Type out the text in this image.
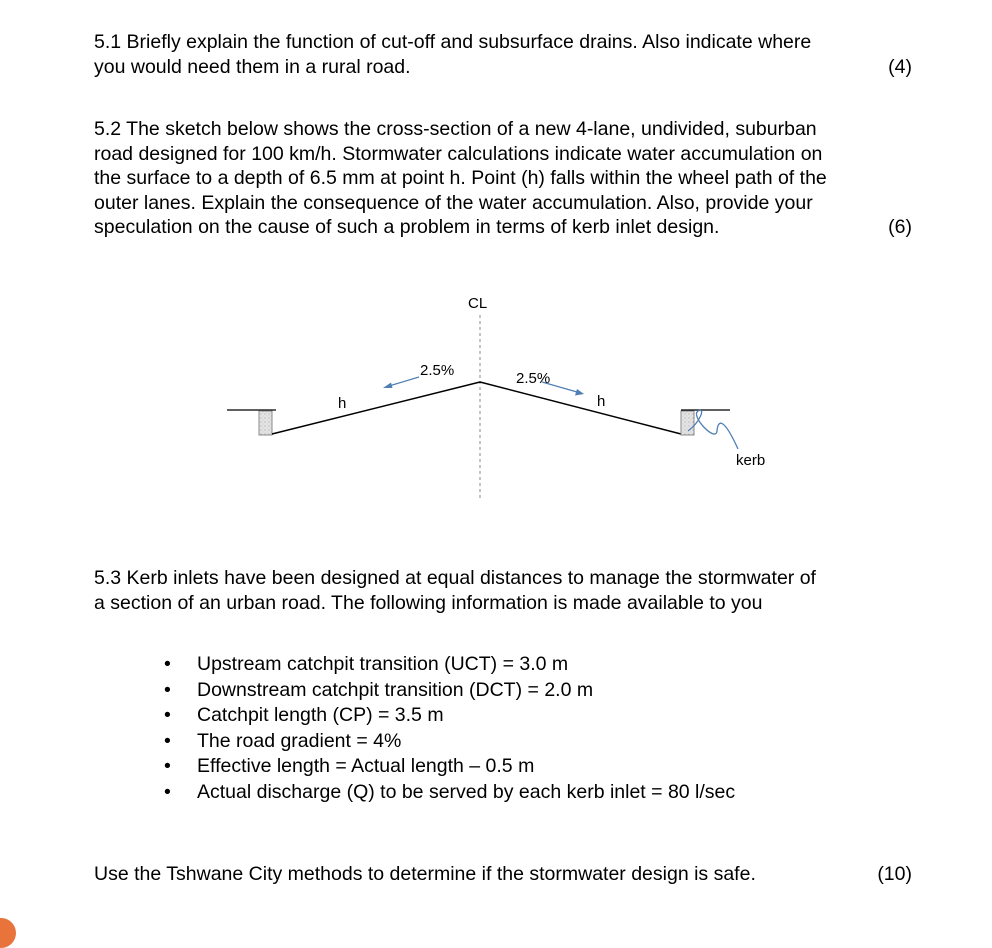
5.1 Briefly explain the function of cut-off and subsurface drains. Also indicate where
you would need them in a rural road.	(4)
5.2 The sketch below shows the cross-section of a new 4-lane, undivided, suburban
road designed for 100 km/h. Stormwater calculations indicate water accumulation on
the surface to a depth of 6.5 mm at point h. Point (h) falls within the wheel path of the
outer lanes. Explain the consequence of the water accumulation. Also, provide your
speculation on the cause of such a problem in terms of kerb inlet design.	(6)
CL
2.5%	2.5%
h	h
kerb
5.3 Kerb inlets have been designed at equal distances to manage the stormwater of
a section of an urban road. The following information is made available to you
• Upstream catchpit transition (UCT) = 3.0 m
• Downstream catchpit transition (DCT) = 2.0 m
• Catchpit length (CP) = 3.5 m
• The road gradient = 4%
• Effective length = Actual length – 0.5 m
• Actual discharge (Q) to be served by each kerb inlet = 80 l/sec
Use the Tshwane City methods to determine if the stormwater design is safe.	(10)
